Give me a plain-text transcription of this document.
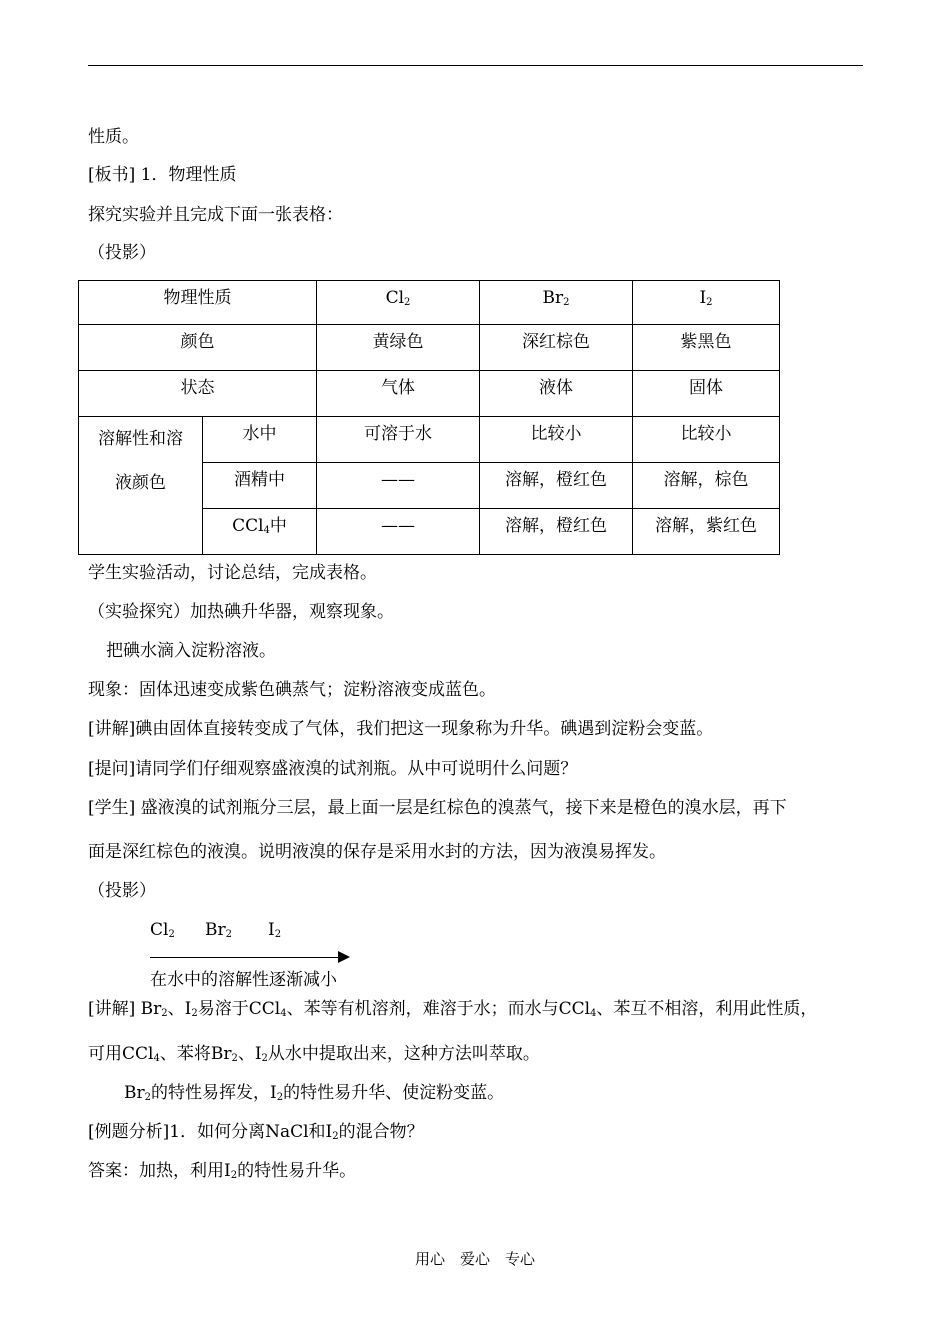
性质。
[板书] 1．物理性质
探究实验并且完成下面一张表格：
（投影）
物理性质		$Cl_2$	$Br_2$	$I_2$
颜色		黄绿色	深红棕色	紫黑色
状态		气体	液体	固体

溶解性和溶
液颜色	水中	可溶于水	比较小	比较小
	酒精中	——	溶解，橙红色	溶解，棕色
	CCl$_4$中	——	溶解，橙红色	溶解，紫红色
学生实验活动，讨论总结，完成表格。
（实验探究）加热碘升华器，观察现象。
把碘水滴入淀粉溶液。
现象：固体迅速变成紫色碘蒸气；淀粉溶液变成蓝色。
[讲解]碘由固体直接转变成了气体，我们把这一现象称为升华。碘遇到淀粉会变蓝。
[提问]请同学们仔细观察盛液溴的试剂瓶。从中可说明什么问题？
[学生] 盛液溴的试剂瓶分三层，最上面一层是红棕色的溴蒸气，接下来是橙色的溴水层，再下
面是深红棕色的液溴。说明液溴的保存是采用水封的方法，因为液溴易挥发。
（投影）
$Cl_2$ $Br_2$ $I_2$
在水中的溶解性逐渐减小
[讲解] $Br_2$、$I_2$易溶于CCl$_4$、苯等有机溶剂，难溶于水；而水与CCl$_4$、苯互不相溶，利用此性质，
可用CCl$_4$、苯将$Br_2$、$I_2$从水中提取出来，这种方法叫萃取。
$Br_2$的特性易挥发，$I_2$的特性易升华、使淀粉变蓝。
[例题分析]1．如何分离NaCl和$I_2$的混合物？
答案：加热，利用$I_2$的特性易升华。
用心　爱心　专心
